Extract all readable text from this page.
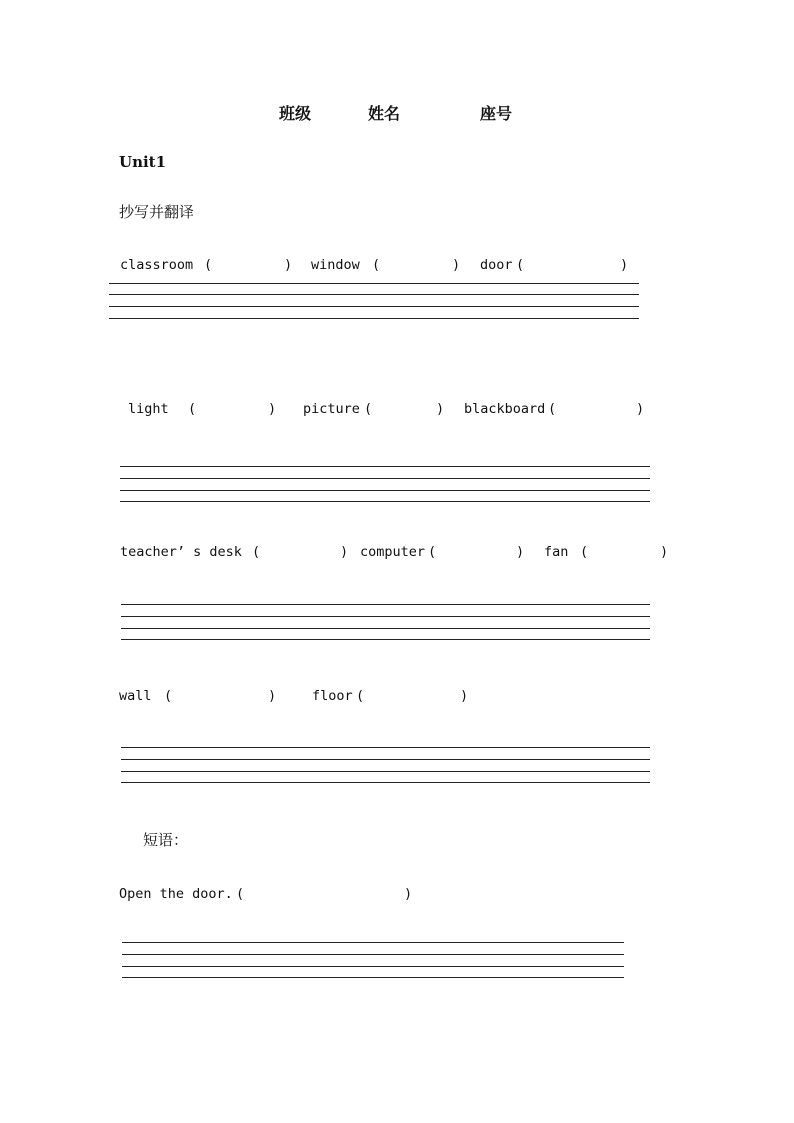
班级	姓名	座号
Unit1
抄写并翻译
classroom (	) window (	) door (	)
light (	) picture (	) blackboard (	)
teacher’ s desk (	) computer (	) fan (	)
wall (	)	floor (	)
短语：
Open the door. (	)
